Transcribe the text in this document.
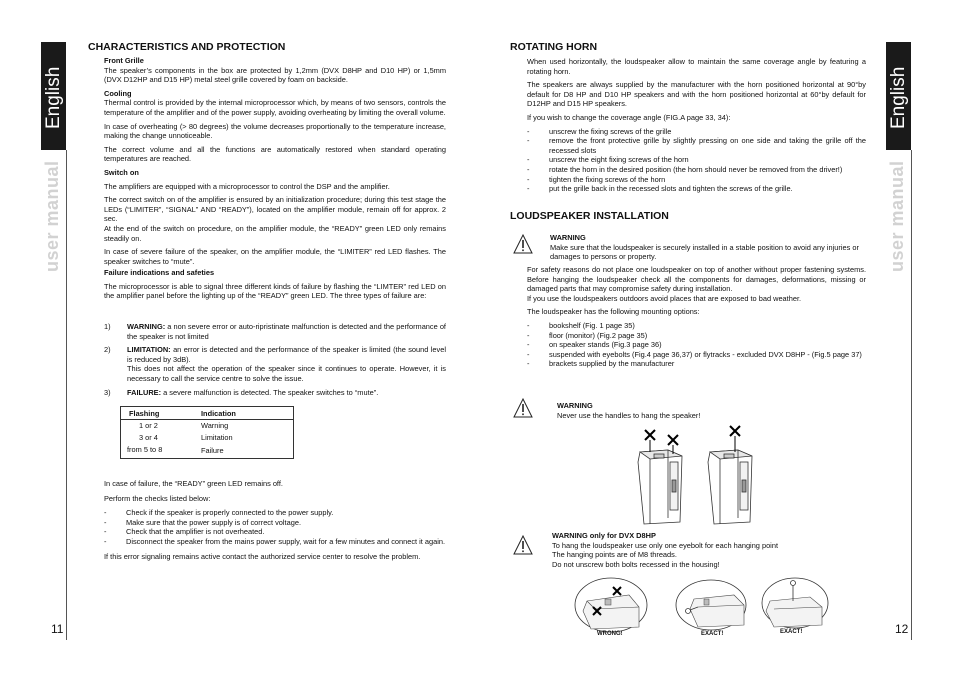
English
user manual
English
user manual
11	12
CHARACTERISTICS AND PROTECTION

Front Grille

The speaker’s components in the box are protected by 1,2mm (DVX D8HP and D10 HP) or 1,5mm (DVX D12HP and D15 HP) metal steel grille covered by foam on backside.

Cooling

Thermal control is provided by the internal microprocessor which, by means of two sensors, controls the temperature of the amplifier and of the power supply, avoiding overheating by limiting the overall volume.

In case of overheating (> 80 degrees) the volume decreases proportionally to the temperature increase, making the change unnoticeable.

The correct volume and all the functions are automatically restored when standard operating temperatures are reached.

Switch on

The amplifiers are equipped with a microprocessor to control the DSP and the amplifier.

The correct switch on of the amplifier is ensured by an initialization procedure; during this test stage the LEDs (“LIMITER”, “SIGNAL” AND “READY”), located on the amplifier module, remain off for approx. 2 sec.

At the end of the switch on procedure, on the amplifier module, the “READY” green LED only remains steadily on.

In case of severe failure of the speaker, on the amplifier module, the “LIMITER” red LED flashes. The speaker switches to “mute”.

Failure indications and safeties

The microprocessor is able to signal three different kinds of failure by flashing the “LIMTER” red LED on the amplifier panel before the lighting up of the “READY” green LED. The three types of failure are:

1) WARNING: a non severe error or auto-ripristinate malfunction is detected and the performance of the speaker is not limited
2) LIMITATION: an error is detected and the performance of the speaker is limited (the sound level is reduced by 3dB).

This does not affect the operation of the speaker since it continues to operate. However, it is necessary to call the service centre to solve the issue.

3) FAILURE: a severe malfunction is detected. The speaker switches to “mute”.
Flashing	Indication
1 or 2	Warning
3 or 4	Limitation
from 5 to 8	Failure

In case of failure, the “READY” green LED remains off.

Perform the checks listed below:

-	Check if the speaker is properly connected to the power supply.
-	Make sure that the power supply is of correct voltage.
-	Check that the amplifier is not overheated.
-	Disconnect the speaker from the mains power supply, wait for a few minutes and connect it again.

If this error signaling remains active contact the authorized service center to resolve the problem.

ROTATING HORN

When used horizontally, the loudspeaker allow to maintain the same coverage angle by featuring a rotating horn.

The speakers are always supplied by the manufacturer with the horn positioned horizontal at 90°by default for D8 HP and D10 HP speakers and with the horn positioned horizontal at 60°by default for D12HP and D15 HP speakers.

If you wish to change the coverage angle (FIG.A page 33, 34):

-	unscrew the fixing screws of the grille
-	remove the front protective grille by slightly pressing on one side and taking the grille off the recessed slots
-	unscrew the eight fixing screws of the horn
-	rotate the horn in the desired position (the horn should never be removed from the driver!)
-	tighten the fixing screws of the horn
-	put the grille back in the recessed slots and tighten the screws of the grille.
LOUDSPEAKER INSTALLATION

WARNING

Make sure that the loudspeaker is securely installed in a stable position to avoid any injuries or damages to persons or property.

For safety reasons do not place one loudspeaker on top of another without proper fastening systems. Before hanging the loudspeaker check all the components for damages, deformations, missing or damaged parts that may compromise safety during installation.

If you use the loudspeakers outdoors avoid places that are exposed to bad weather.

The loudspeaker has the following mounting options:

-	bookshelf (Fig. 1 page 35)
-	floor (monitor) (Fig.2 page 35)
-	on speaker stands (Fig.3 page 36)
-	suspended with eyebolts (Fig.4 page 36,37) or flytracks - excluded DVX D8HP - (Fig.5 page 37)
-	brackets supplied by the manufacturer

WARNING

Never use the handles to hang the speaker!

WARNING only for DVX D8HP

To hang the loudspeaker use only one eyebolt for each hanging point

The hanging points are of M8 threads.

Do not unscrew both bolts recessed in the housing!

WRONG!	EXACT!	EXACT!
